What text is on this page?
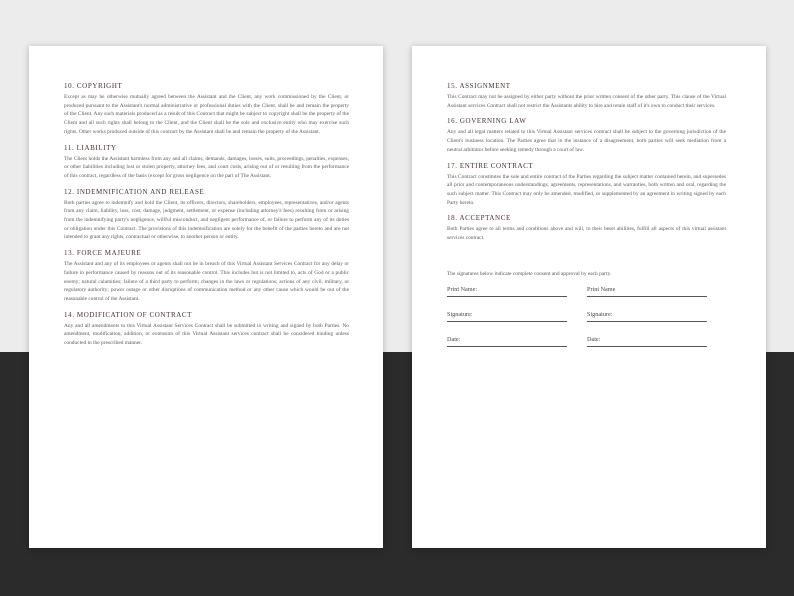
10. COPYRIGHT

Except as may be otherwise mutually agreed between the Assistant and the Client, any work commissioned by the Client, or produced pursuant to the Assistant's normal administrative or professional duties with the Client, shall be and remain the property of the Client. Any such materials produced as a result of this Contract that might be subject to copyright shall be the property of the Client and all such rights shall belong to the Client, and the Client shall be the sole and exclusive entity who may exercise such rights. Other works produced outside of this contract by the Assistant shall be and remain the property of the Assistant.

11. LIABILITY

The Client holds the Assistant harmless from any and all claims, demands, damages, losses, suits, proceedings, penalties, expenses, or other liabilities including lost or stolen property, attorney fees, and court costs, arising out of or resulting from the performance of this contract, regardless of the basis (except for gross negligence on the part of The Assistant.

12. INDEMNIFICATION AND RELEASE

Both parties agree to indemnify and hold the Client, its officers, directors, shareholders, employees, representatives, and/or agents from any claim, liability, loss, cost, damage, judgment, settlement, or expense (including attorney's fees) resulting from or arising from the indemnifying party's negligence, willful misconduct, and negligent performance of, or failure to perform any of its duties or obligation under this Contract. The provisions of this indemnification are solely for the benefit of the parties hereto and are not intended to grant any rights, contractual or otherwise, to another person or entity.

13. FORCE MAJEURE

The Assistant and any of its employees or agents shall not be in breach of this Virtual Assistant Services Contract for any delay or failure in performance caused by reasons out of its reasonable control. This includes but is not limited to, acts of God or a public enemy; natural calamities; failure of a third party to perform; changes in the laws or regulations; actions of any civil, military, or regulatory authority; power outage or other disruptions of communication method or any other cause which would be out of the reasonable control of the Assistant.

14. MODIFICATION OF CONTRACT

Any and all amendments to this Virtual Assistant Services Contract shall be submitted in writing and signed by both Parties. No amendment, modification, addition, or extension of this Virtual Assistant services contract shall be considered binding unless conducted in the prescribed manner.

15. ASSIGNMENT

This Contract may not be assigned by either party without the prior written consent of the other party. This clause of the Virtual Assistant services Contract shall not restrict the Assistants ability to hire and retain staff of it's own to conduct their services.

16. GOVERNING LAW

Any and all legal matters related to this Virtual Assistant services contract shall be subject to the governing jurisdiction of the Client's business location. The Parties agree that in the instance of a disagreement, both parties will seek mediation from a neutral arbitrator before seeking remedy through a court of law.

17. ENTIRE CONTRACT

This Contract constitutes the sole and entire contract of the Parties regarding the subject matter contained herein, and supersedes all prior and contemporaneous understandings, agreements, representations, and warranties, both written and oral, regarding the such subject matter. This Contract may only be amended, modified, or supplemented by an agreement in writing signed by each Party hereto.

18. ACCEPTANCE

Both Parties agree to all terms and conditions above and will, to their beset abilities, fulfill all aspects of this virtual assistant services contract.

The signatures below indicate complete consent and approval by each party.
Print Name:	Print Name
Signature:	Signature:
Date:	Date:
